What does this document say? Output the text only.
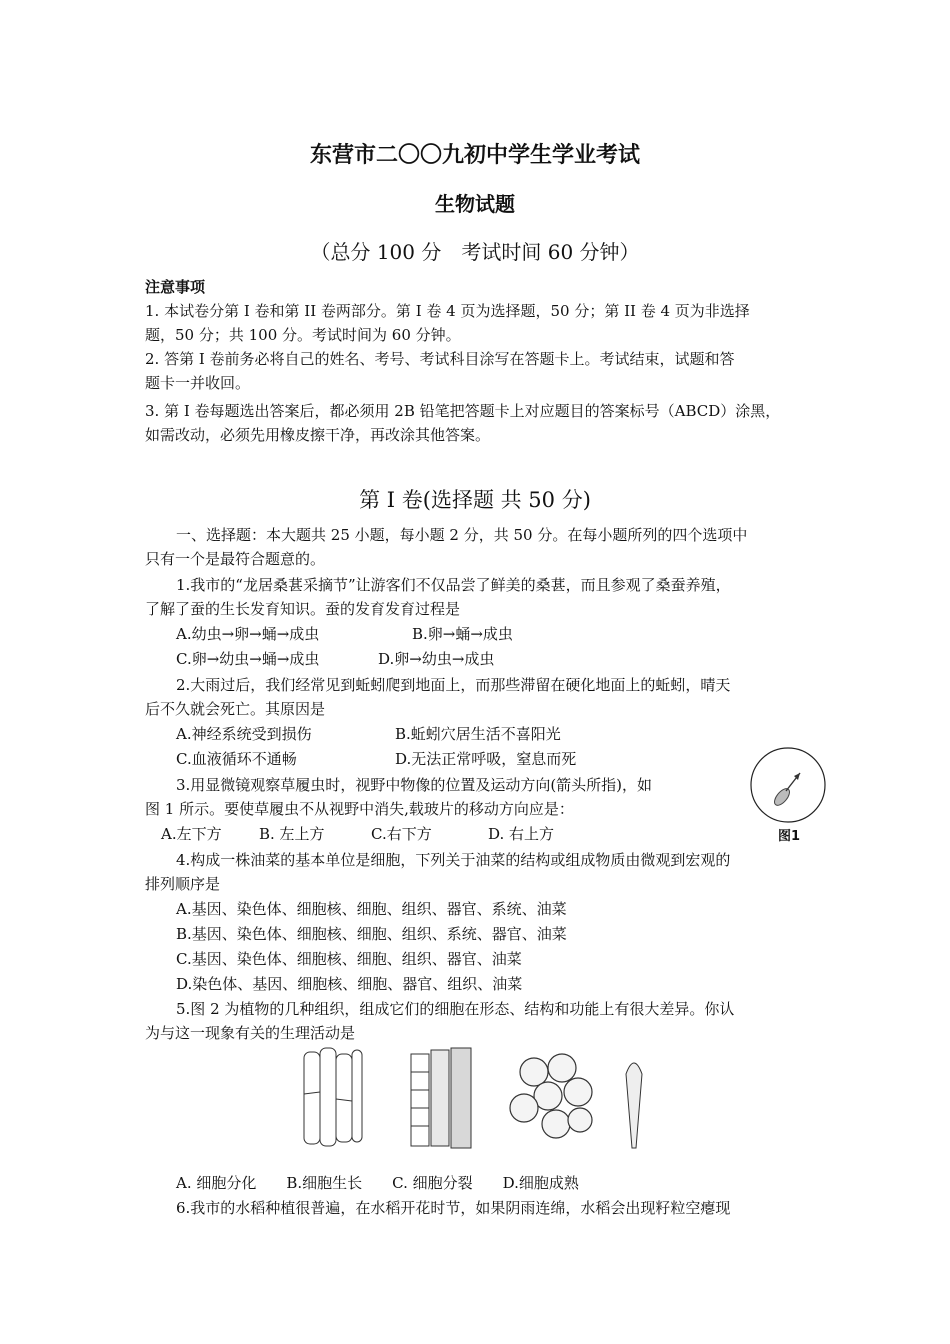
东营市二〇〇九初中学生学业考试
生物试题
（总分 100 分　考试时间 60 分钟）
注意事项
1. 本试卷分第 I 卷和第 II 卷两部分。第 I 卷 4 页为选择题，50 分；第 II 卷 4 页为非选择
题，50 分；共 100 分。考试时间为 60 分钟。
2. 答第 I 卷前务必将自己的姓名、考号、考试科目涂写在答题卡上。考试结束，试题和答
题卡一并收回。
3. 第 I 卷每题选出答案后，都必须用 2B 铅笔把答题卡上对应题目的答案标号（ABCD）涂黑，
如需改动，必须先用橡皮擦干净，再改涂其他答案。
第 I 卷(选择题 共 50 分)
一、选择题：本大题共 25 小题，每小题 2 分，共 50 分。在每小题所列的四个选项中
只有一个是最符合题意的。
1.我市的“龙居桑葚采摘节”让游客们不仅品尝了鲜美的桑葚，而且参观了桑蚕养殖，
了解了蚕的生长发育知识。蚕的发育发育过程是
A.幼虫→卵→蛹→成虫	B.卵→蛹→成虫
C.卵→幼虫→蛹→成虫	D.卵→幼虫→成虫
2.大雨过后，我们经常见到蚯蚓爬到地面上，而那些滞留在硬化地面上的蚯蚓，晴天
后不久就会死亡。其原因是
A.神经系统受到损伤	B.蚯蚓穴居生活不喜阳光
C.血液循环不通畅	D.无法正常呼吸，窒息而死
3.用显微镜观察草履虫时，视野中物像的位置及运动方向(箭头所指)，如
图 1 所示。要使草履虫不从视野中消失,载玻片的移动方向应是：
A.左下方 B. 左上方	C.右下方	D. 右上方	图1
4.构成一株油菜的基本单位是细胞，下列关于油菜的结构或组成物质由微观到宏观的
排列顺序是
A.基因、染色体、细胞核、细胞、组织、器官、系统、油菜
B.基因、染色体、细胞核、细胞、组织、系统、器官、油菜
C.基因、染色体、细胞核、细胞、组织、器官、油菜
D.染色体、基因、细胞核、细胞、器官、组织、油菜
5.图 2 为植物的几种组织，组成它们的细胞在形态、结构和功能上有很大差异。你认
为与这一现象有关的生理活动是
A. 细胞分化　　B.细胞生长　　C. 细胞分裂　　D.细胞成熟
6.我市的水稻种植很普遍，在水稻开花时节，如果阴雨连绵，水稻会出现籽粒空瘪现
